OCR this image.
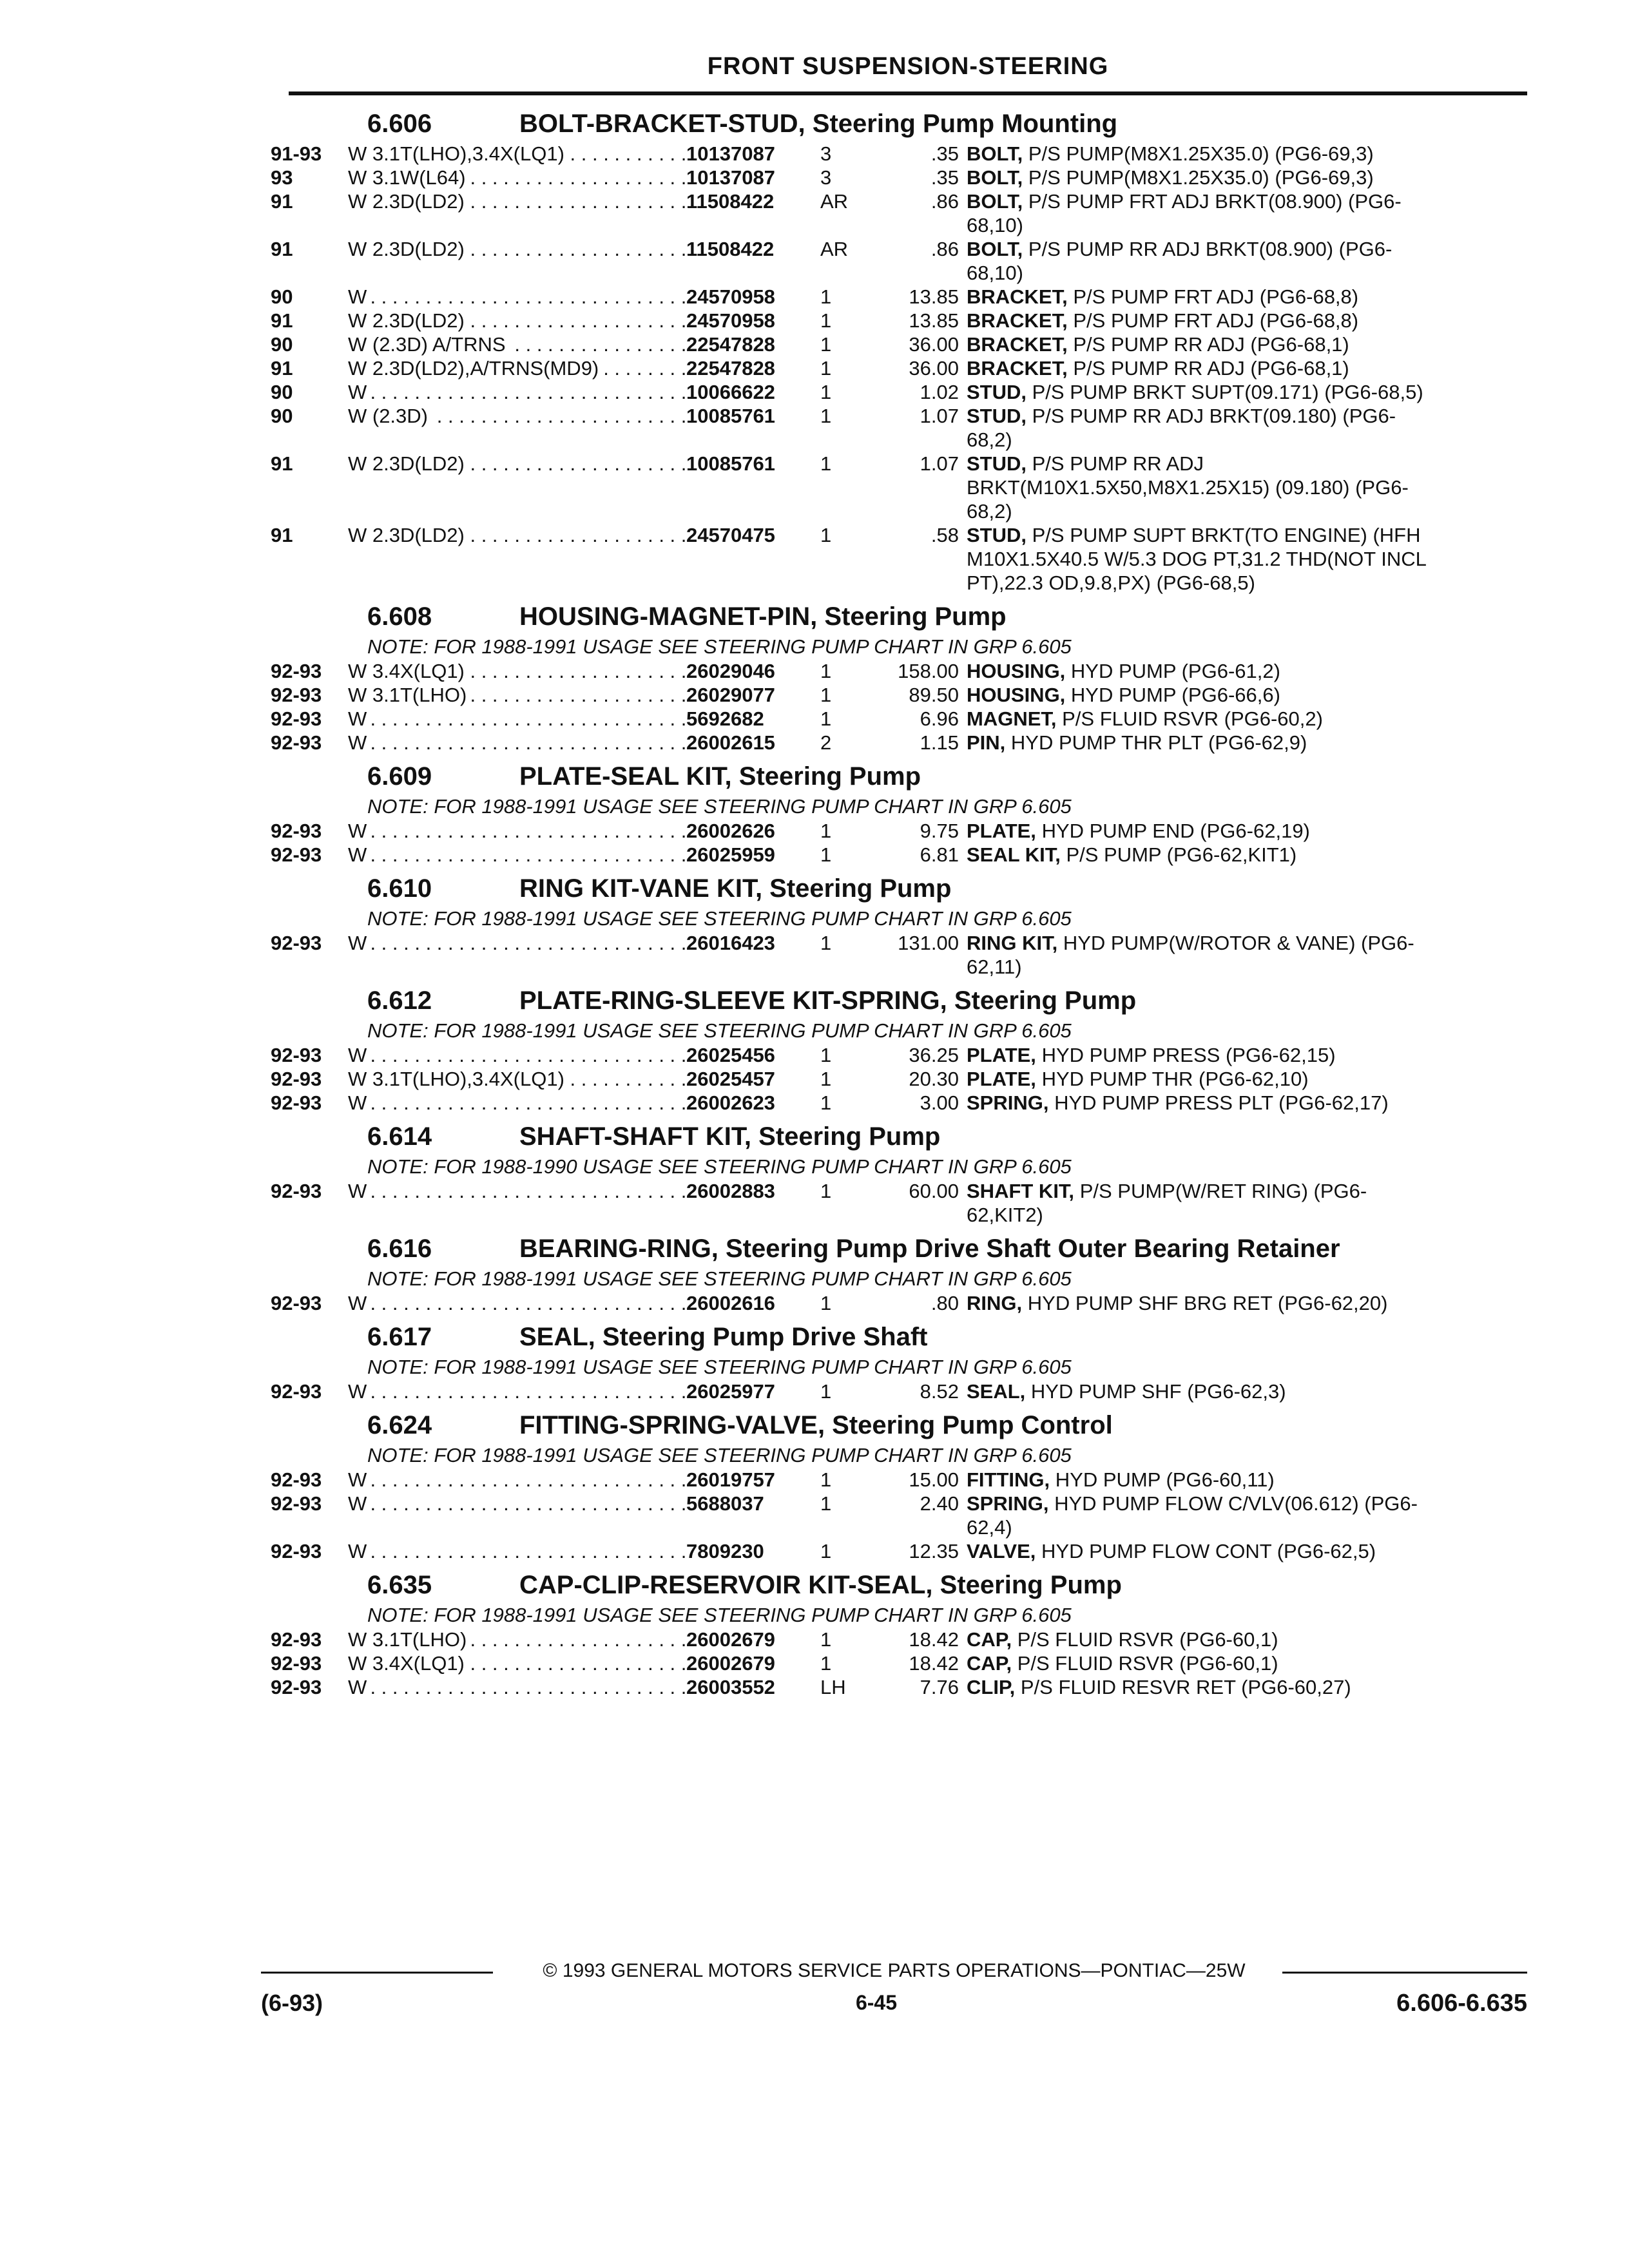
FRONT SUSPENSION-STEERING
6.606	BOLT-BRACKET-STUD, Steering Pump Mounting
91-93	W 3.1T(LHO),3.4X(LQ1) . . .	10137087	3	.35 BOLT, P/S PUMP(M8X1.25X35.0) (PG6-69,3)
93	W 3.1W(L64) . . .	10137087	3	.35 BOLT, P/S PUMP(M8X1.25X35.0) (PG6-69,3)
91	W 2.3D(LD2) . . .	11508422	AR	.86 BOLT, P/S PUMP FRT ADJ BRKT(08.900) (PG6-68,10)
91	W 2.3D(LD2) . . .	11508422	AR	.86 BOLT, P/S PUMP RR ADJ BRKT(08.900) (PG6-68,10)
90	W . . .	24570958	1	13.85 BRACKET, P/S PUMP FRT ADJ (PG6-68,8)
91	W 2.3D(LD2) . . .	24570958	1	13.85 BRACKET, P/S PUMP FRT ADJ (PG6-68,8)
90	W (2.3D) A/TRNS . . .	22547828	1	36.00 BRACKET, P/S PUMP RR ADJ (PG6-68,1)
91	W 2.3D(LD2),A/TRNS(MD9) . . .	22547828	1	36.00 BRACKET, P/S PUMP RR ADJ (PG6-68,1)
90	W . . .	10066622	1	1.02 STUD, P/S PUMP BRKT SUPT(09.171) (PG6-68,5)
90	W (2.3D) . . .	10085761	1	1.07 STUD, P/S PUMP RR ADJ BRKT(09.180) (PG6-68,2)
91	W 2.3D(LD2) . . .	10085761	1	1.07 STUD, P/S PUMP RR ADJ BRKT(M10X1.5X50,M8X1.25X15) (09.180) (PG6-68,2)
91	W 2.3D(LD2) . . .	24570475	1	.58 STUD, P/S PUMP SUPT BRKT(TO ENGINE) (HFH M10X1.5X40.5 W/5.3 DOG PT,31.2 THD(NOT INCL PT),22.3 OD,9.8,PX) (PG6-68,5)
6.608	HOUSING-MAGNET-PIN, Steering Pump
NOTE: FOR 1988-1991 USAGE SEE STEERING PUMP CHART IN GRP 6.605
92-93	W 3.4X(LQ1) . . .	26029046	1	158.00 HOUSING, HYD PUMP (PG6-61,2)
92-93	W 3.1T(LHO) . . .	26029077	1	89.50 HOUSING, HYD PUMP (PG6-66,6)
92-93	W . . .	5692682	1	6.96 MAGNET, P/S FLUID RSVR (PG6-60,2)
92-93	W . . .	26002615	2	1.15 PIN, HYD PUMP THR PLT (PG6-62,9)
6.609	PLATE-SEAL KIT, Steering Pump
NOTE: FOR 1988-1991 USAGE SEE STEERING PUMP CHART IN GRP 6.605
92-93	W . . .	26002626	1	9.75 PLATE, HYD PUMP END (PG6-62,19)
92-93	W . . .	26025959	1	6.81 SEAL KIT, P/S PUMP (PG6-62,KIT1)
6.610	RING KIT-VANE KIT, Steering Pump
NOTE: FOR 1988-1991 USAGE SEE STEERING PUMP CHART IN GRP 6.605
92-93	W . . .	26016423	1	131.00 RING KIT, HYD PUMP(W/ROTOR & VANE) (PG6-62,11)
6.612	PLATE-RING-SLEEVE KIT-SPRING, Steering Pump
NOTE: FOR 1988-1991 USAGE SEE STEERING PUMP CHART IN GRP 6.605
92-93	W . . .	26025456	1	36.25 PLATE, HYD PUMP PRESS (PG6-62,15)
92-93	W 3.1T(LHO),3.4X(LQ1) . . .	26025457	1	20.30 PLATE, HYD PUMP THR (PG6-62,10)
92-93	W . . .	26002623	1	3.00 SPRING, HYD PUMP PRESS PLT (PG6-62,17)
6.614	SHAFT-SHAFT KIT, Steering Pump
NOTE: FOR 1988-1990 USAGE SEE STEERING PUMP CHART IN GRP 6.605
92-93	W . . .	26002883	1	60.00 SHAFT KIT, P/S PUMP(W/RET RING) (PG6-62,KIT2)
6.616	BEARING-RING, Steering Pump Drive Shaft Outer Bearing Retainer
NOTE: FOR 1988-1991 USAGE SEE STEERING PUMP CHART IN GRP 6.605
92-93	W . . .	26002616	1	.80 RING, HYD PUMP SHF BRG RET (PG6-62,20)
6.617	SEAL, Steering Pump Drive Shaft
NOTE: FOR 1988-1991 USAGE SEE STEERING PUMP CHART IN GRP 6.605
92-93	W . . .	26025977	1	8.52 SEAL, HYD PUMP SHF (PG6-62,3)
6.624	FITTING-SPRING-VALVE, Steering Pump Control
NOTE: FOR 1988-1991 USAGE SEE STEERING PUMP CHART IN GRP 6.605
92-93	W . . .	26019757	1	15.00 FITTING, HYD PUMP (PG6-60,11)
92-93	W . . .	5688037	1	2.40 SPRING, HYD PUMP FLOW C/VLV(06.612) (PG6-62,4)
92-93	W . . .	7809230	1	12.35 VALVE, HYD PUMP FLOW CONT (PG6-62,5)
6.635	CAP-CLIP-RESERVOIR KIT-SEAL, Steering Pump
NOTE: FOR 1988-1991 USAGE SEE STEERING PUMP CHART IN GRP 6.605
92-93	W 3.1T(LHO) . . .	26002679	1	18.42 CAP, P/S FLUID RSVR (PG6-60,1)
92-93	W 3.4X(LQ1) . . .	26002679	1	18.42 CAP, P/S FLUID RSVR (PG6-60,1)
92-93	W . . .	26003552	LH	7.76 CLIP, P/S FLUID RESVR RET (PG6-60,27)
© 1993 GENERAL MOTORS SERVICE PARTS OPERATIONS—PONTIAC—25W
(6-93)	6-45	6.606-6.635
